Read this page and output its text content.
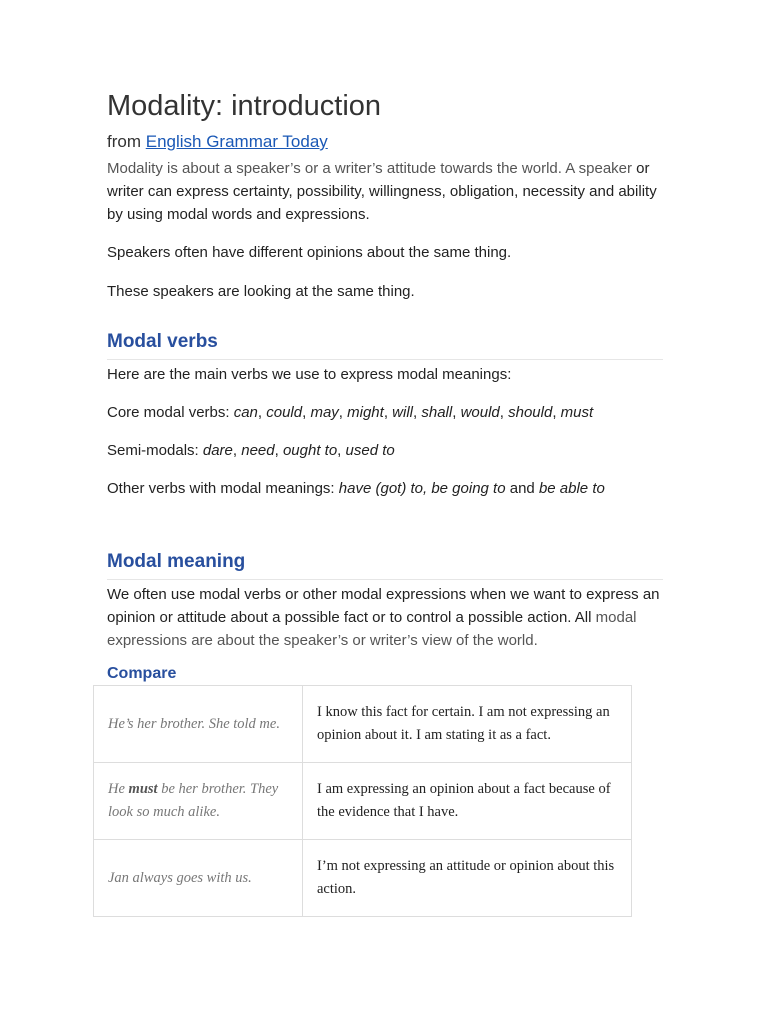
Modality: introduction
from English Grammar Today

Modality is about a speaker’s or a writer’s attitude towards the world. A speaker or writer can express certainty, possibility, willingness, obligation, necessity and ability by using modal words and expressions.

Speakers often have different opinions about the same thing.

These speakers are looking at the same thing.

Modal verbs

Here are the main verbs we use to express modal meanings:

Core modal verbs: can, could, may, might, will, shall, would, should, must

Semi-modals: dare, need, ought to, used to

Other verbs with modal meanings: have (got) to, be going to and be able to

Modal meaning

We often use modal verbs or other modal expressions when we want to express an opinion or attitude about a possible fact or to control a possible action. All modal expressions are about the speaker’s or writer’s view of the world.

Compare
He’s her brother. She told me.	I know this fact for certain. I am not expressing an opinion about it. I am stating it as a fact.
He must be her brother. They look so much alike.	I am expressing an opinion about a fact because of the evidence that I have.
Jan always goes with us.	I’m not expressing an attitude or opinion about this action.
